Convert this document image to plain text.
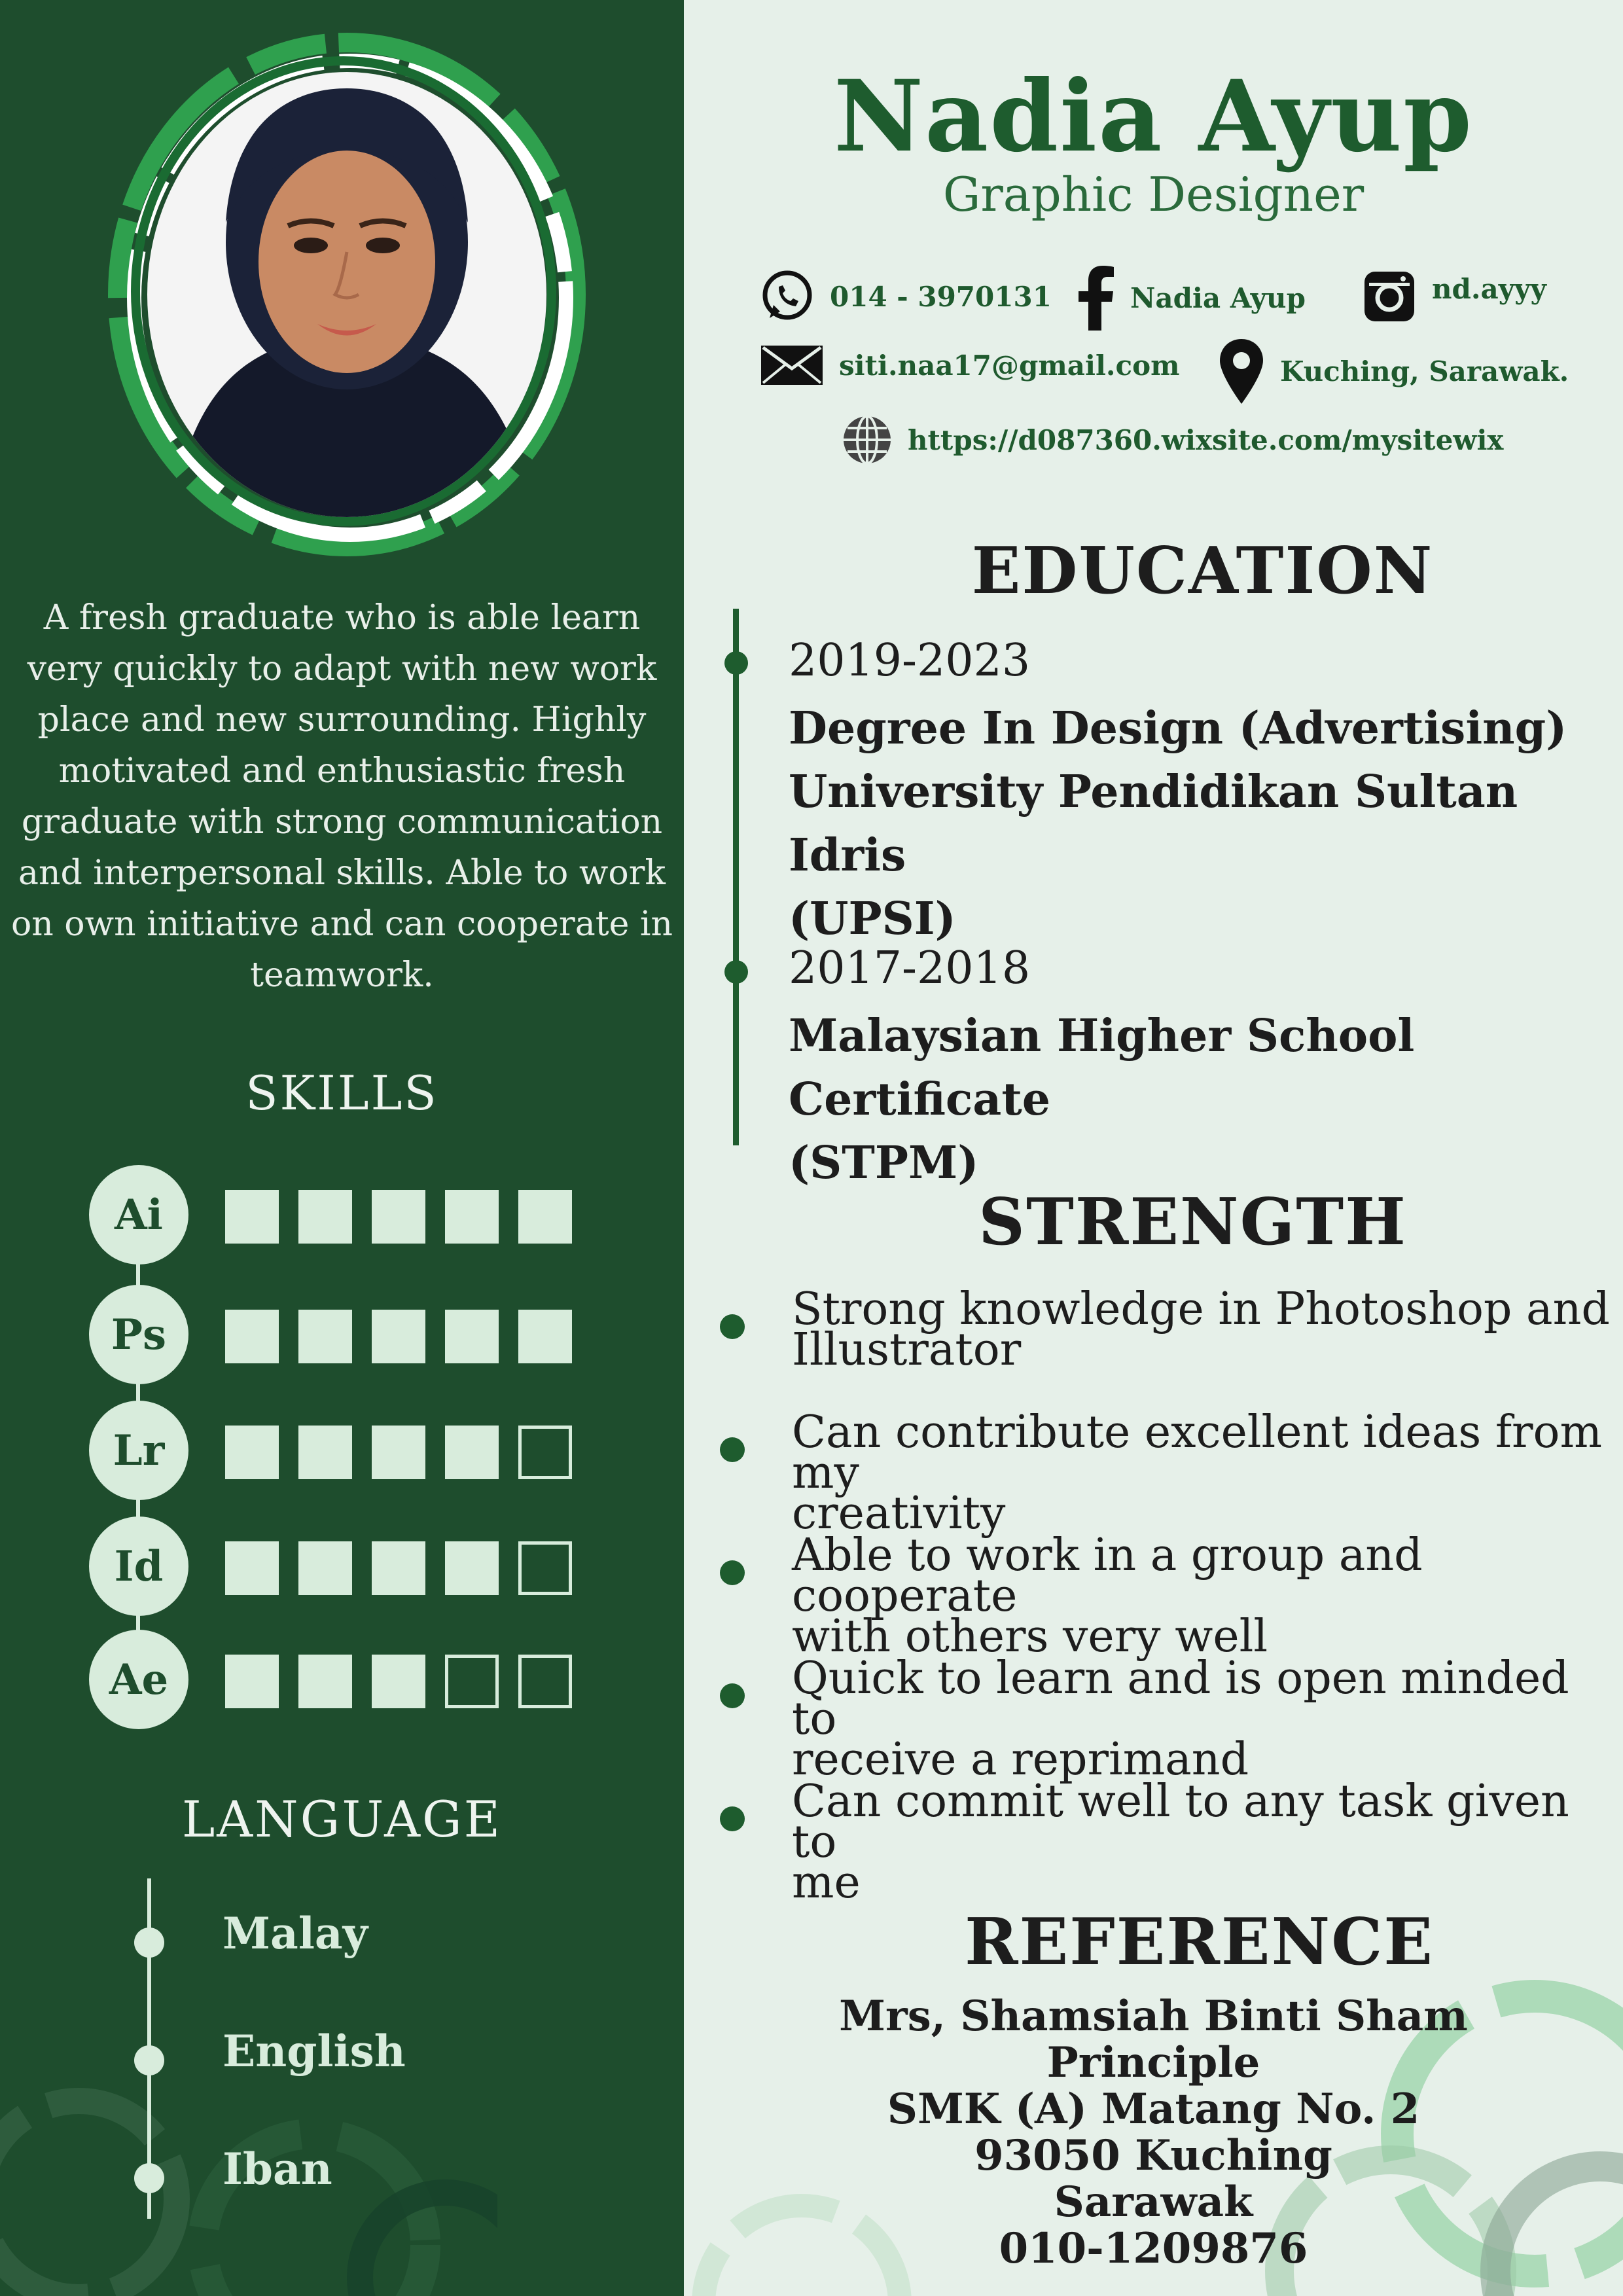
A fresh graduate who is able learn very quickly to adapt with new work place and new surrounding. Highly motivated and enthusiastic fresh graduate with strong communication and interpersonal skills. Able to work on own initiative and can cooperate in teamwork.
SKILLS
Ai
Ps
Lr
Id
Ae
LANGUAGE
Malay
English
Iban
Nadia Ayup
Graphic Designer
014 - 3970131	Nadia Ayup	nd.ayyy
siti.naa17@gmail.com	Kuching, Sarawak.
https://d087360.wixsite.com/mysitewix
EDUCATION
2019-2023
Degree In Design (Advertising)
University Pendidikan Sultan Idris
(UPSI)
2017-2018
Malaysian Higher School Certificate
(STPM)
STRENGTH
Strong knowledge in Photoshop and
Illustrator
Can contribute excellent ideas from my
creativity
Able to work in a group and cooperate
with others very well
Quick to learn and is open minded to
receive a reprimand
Can commit well to any task given to
me
REFERENCE
Mrs, Shamsiah Binti Sham
Principle
SMK (A) Matang No. 2
93050 Kuching
Sarawak
010-1209876
